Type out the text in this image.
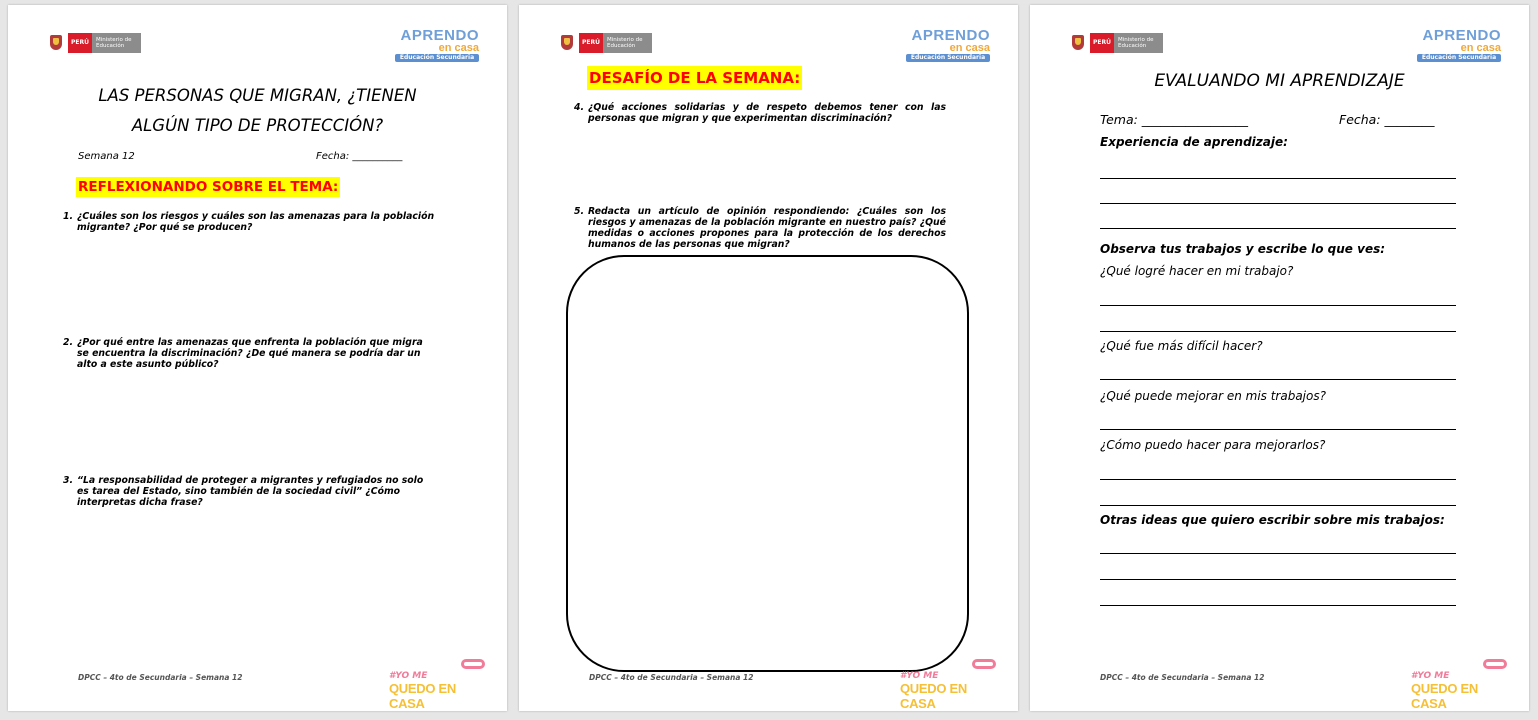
PERÚ	Ministerio de Educación
APRENDO
en casa
Educación Secundaria
LAS PERSONAS QUE MIGRAN, ¿TIENEN
ALGÚN TIPO DE PROTECCIÓN?
Semana 12	Fecha: __________
REFLEXIONANDO SOBRE EL TEMA:
1. ¿Cuáles son los riesgos y cuáles son las amenazas para la población migrante? ¿Por qué se producen?
2. ¿Por qué entre las amenazas que enfrenta la población que migra se encuentra la discriminación? ¿De qué manera se podría dar un alto a este asunto público?
3. “La responsabilidad de proteger a migrantes y refugiados no solo es tarea del Estado, sino también de la sociedad civil” ¿Cómo interpretas dicha frase?
DPCC – 4to de Secundaria – Semana 12	#YO ME
QUEDO EN CASA
PERÚ	Ministerio de Educación
APRENDO
en casa
Educación Secundaria
DESAFÍO DE LA SEMANA:
4. ¿Qué acciones solidarias y de respeto debemos tener con las personas que migran y que experimentan discriminación?
5. Redacta un artículo de opinión respondiendo: ¿Cuáles son los riesgos y amenazas de la población migrante en nuestro país? ¿Qué medidas o acciones propones para la protección de los derechos humanos de las personas que migran?
DPCC – 4to de Secundaria – Semana 12	#YO ME
QUEDO EN CASA
PERÚ	Ministerio de Educación
APRENDO
en casa
Educación Secundaria
EVALUANDO MI APRENDIZAJE
Tema: _________________	Fecha: ________
Experiencia de aprendizaje:
Observa tus trabajos y escribe lo que ves:
¿Qué logré hacer en mi trabajo?
¿Qué fue más difícil hacer?
¿Qué puede mejorar en mis trabajos?
¿Cómo puedo hacer para mejorarlos?
Otras ideas que quiero escribir sobre mis trabajos:
DPCC – 4to de Secundaria – Semana 12	#YO ME
QUEDO EN CASA
